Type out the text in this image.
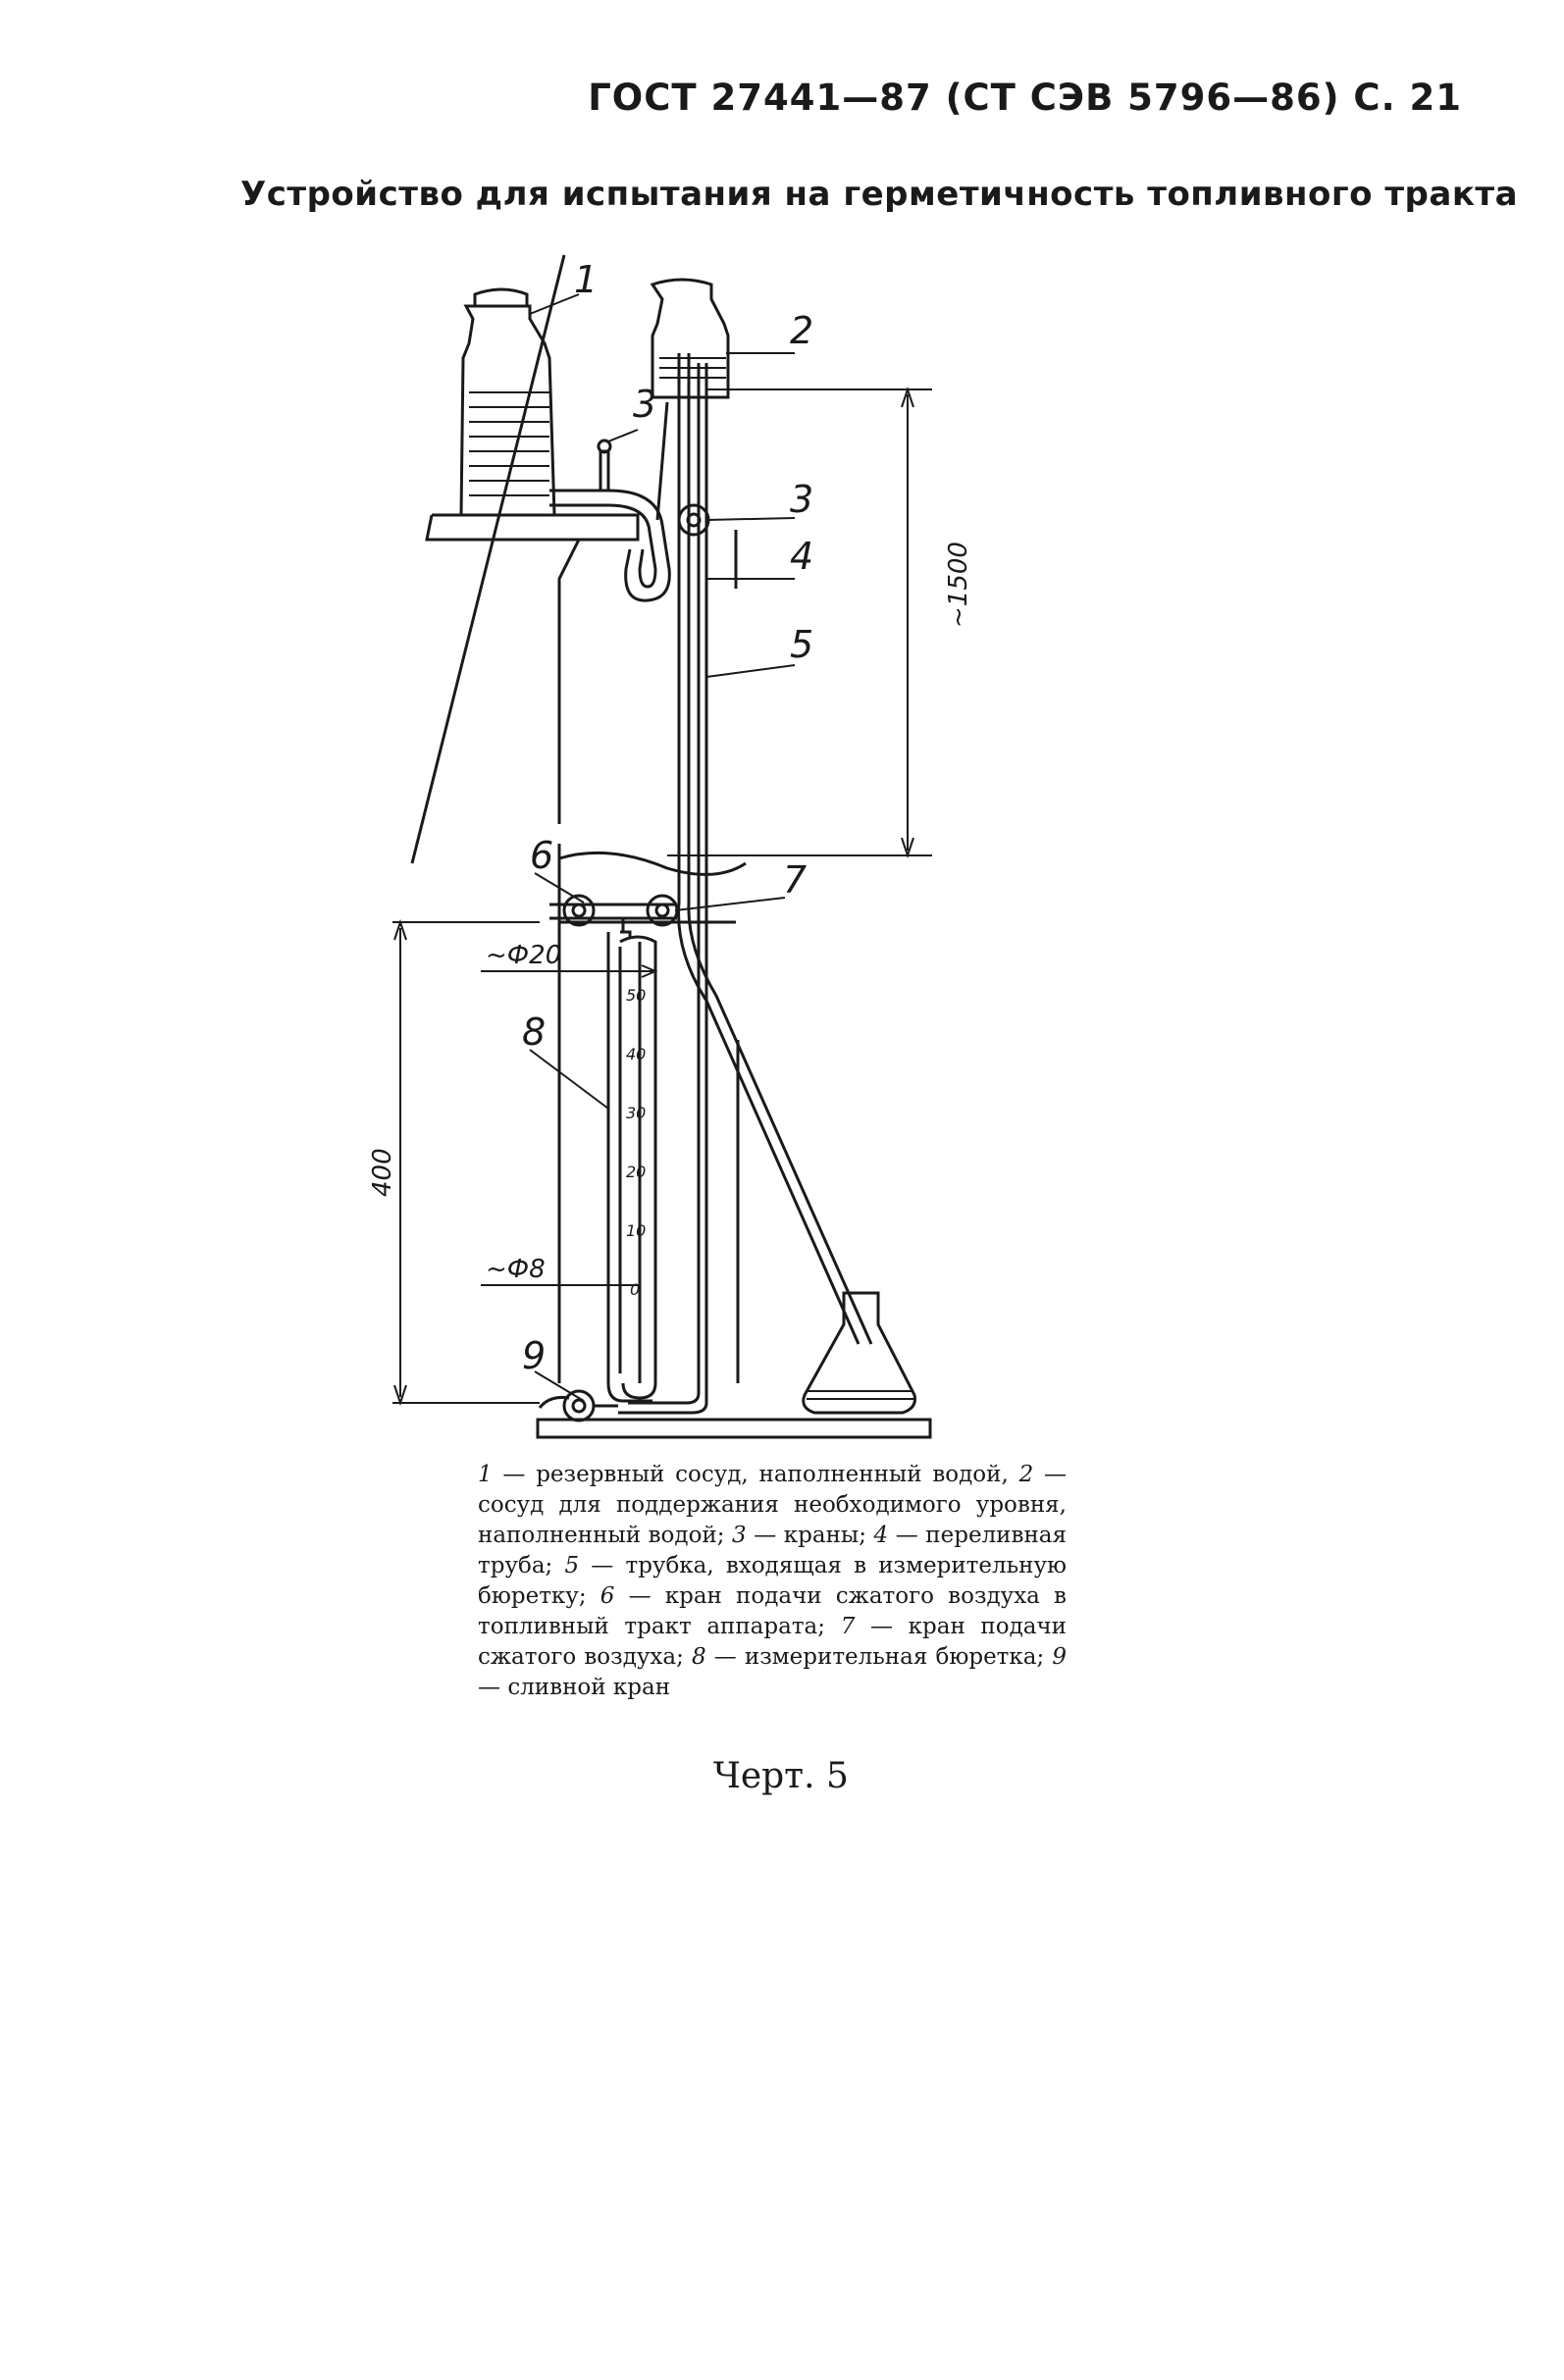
ГОСТ 27441—87 (СТ СЭВ 5796—86) С. 21
Устройство для испытания на герметичность топливного тракта
1
3
2
3
4
5
6
7
8
9
~1500
400
~Ф20
~Ф8
50
40
30
20
10
0
1 — резервный сосуд, наполненный водой, 2 — сосуд для поддержания необходимого уровня, наполненный водой; 3 — краны; 4 — переливная труба; 5 — трубка, входящая в измерительную бюретку; 6 — кран подачи сжатого воздуха в топливный тракт аппарата; 7 — кран подачи сжатого воздуха; 8 — измерительная бюретка; 9 — сливной кран
Черт. 5
